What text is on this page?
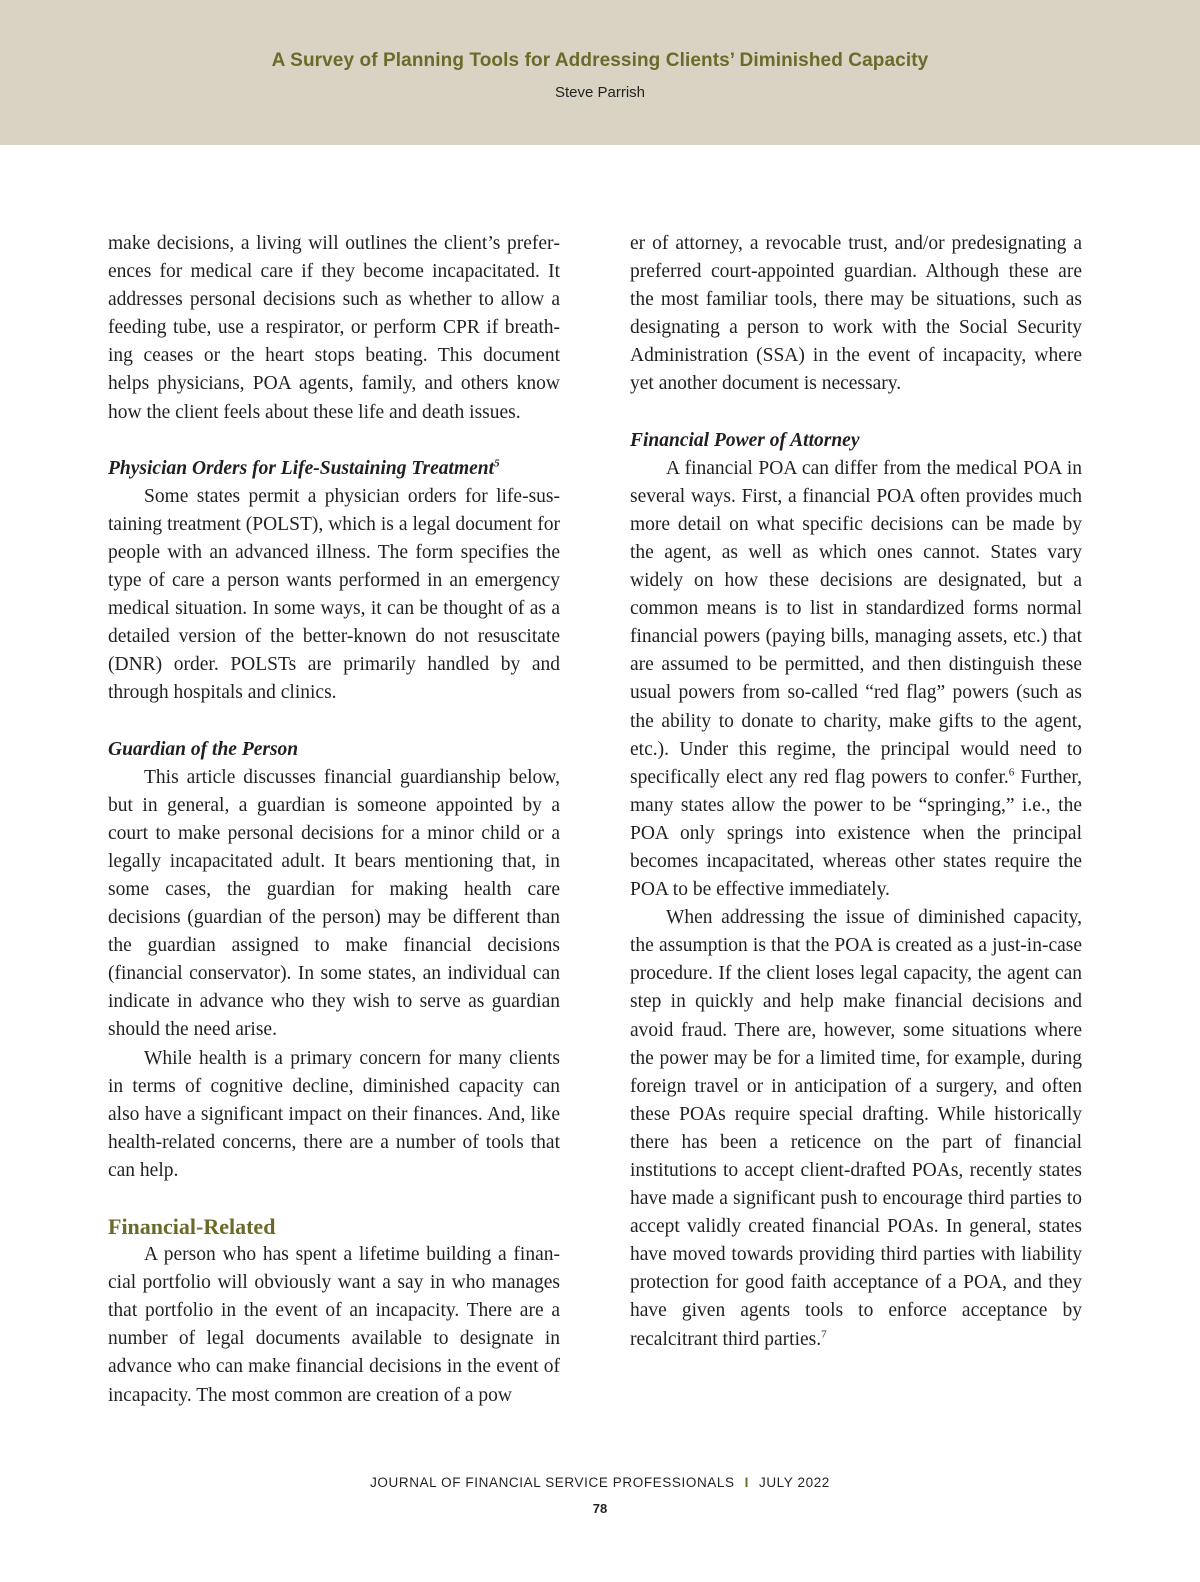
A Survey of Planning Tools for Addressing Clients’ Diminished Capacity
Steve Parrish

make decisions, a living will outlines the client’s preferences for medical care if they become incapacitated. It addresses personal decisions such as whether to allow a feeding tube, use a respirator, or perform CPR if breathing ceases or the heart stops beating. This document helps physicians, POA agents, family, and others know how the client feels about these life and death issues.

Physician Orders for Life-Sustaining Treatment$^5$

Some states permit a physician orders for life-sustaining treatment (POLST), which is a legal document for people with an advanced illness. The form specifies the type of care a person wants performed in an emergency medical situation. In some ways, it can be thought of as a detailed version of the better-known do not resuscitate (DNR) order. POLSTs are primarily handled by and through hospitals and clinics.

Guardian of the Person

This article discusses financial guardianship below, but in general, a guardian is someone appointed by a court to make personal decisions for a minor child or a legally incapacitated adult. It bears mentioning that, in some cases, the guardian for making health care decisions (guardian of the person) may be different than the guardian assigned to make financial decisions (financial conservator). In some states, an individual can indicate in advance who they wish to serve as guardian should the need arise.

While health is a primary concern for many clients in terms of cognitive decline, diminished capacity can also have a significant impact on their finances. And, like health-related concerns, there are a number of tools that can help.

Financial-Related

A person who has spent a lifetime building a financial portfolio will obviously want a say in who manages that portfolio in the event of an incapacity. There are a number of legal documents available to designate in advance who can make financial decisions in the event of incapacity. The most common are creation of a pow

er of attorney, a revocable trust, and/or predesignating a preferred court-appointed guardian. Although these are the most familiar tools, there may be situations, such as designating a person to work with the Social Security Administration (SSA) in the event of incapacity, where yet another document is necessary.

Financial Power of Attorney

A financial POA can differ from the medical POA in several ways. First, a financial POA often provides much more detail on what specific decisions can be made by the agent, as well as which ones cannot. States vary widely on how these decisions are designated, but a common means is to list in standardized forms normal financial powers (paying bills, managing assets, etc.) that are assumed to be permitted, and then distinguish these usual powers from so-called “red flag” powers (such as the ability to donate to charity, make gifts to the agent, etc.). Under this regime, the principal would need to specifically elect any red flag powers to confer.$^6$ Further, many states allow the power to be “springing,” i.e., the POA only springs into existence when the principal becomes incapacitated, whereas other states require the POA to be effective immediately.

When addressing the issue of diminished capacity, the assumption is that the POA is created as a just-in-case procedure. If the client loses legal capacity, the agent can step in quickly and help make financial decisions and avoid fraud. There are, however, some situations where the power may be for a limited time, for example, during foreign travel or in anticipation of a surgery, and often these POAs require special drafting. While historically there has been a reticence on the part of financial institutions to accept client-drafted POAs, recently states have made a significant push to encourage third parties to accept validly created financial POAs. In general, states have moved towards providing third parties with liability protection for good faith acceptance of a POA, and they have given agents tools to enforce acceptance by recalcitrant third parties.$^7$

JOURNAL OF FINANCIAL SERVICE PROFESSIONALS I JULY 2022
78
